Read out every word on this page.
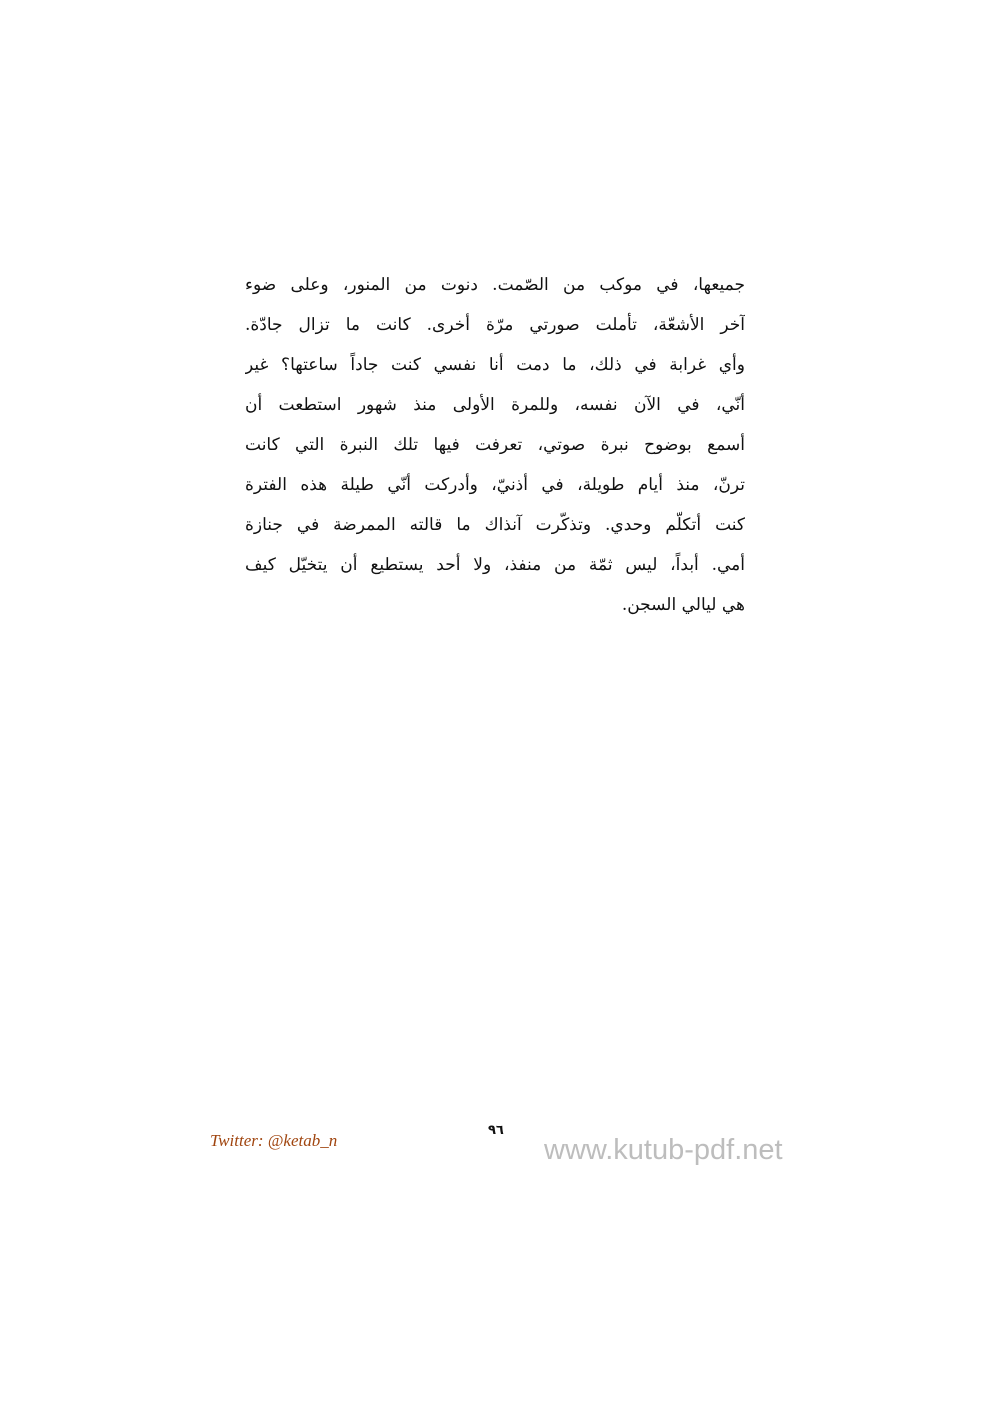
جميعها، في موكب من الصّمت. دنوت من المنور، وعلى ضوء
آخر الأشعّة، تأملت صورتي مرّة أخرى. كانت ما تزال جادّة.
وأي غرابة في ذلك، ما دمت أنا نفسي كنت جاداً ساعتها؟ غير
أنّي، في الآن نفسه، وللمرة الأولى منذ شهور استطعت أن
أسمع بوضوح نبرة صوتي، تعرفت فيها تلك النبرة التي كانت
ترنّ، منذ أيام طويلة، في أذنيّ، وأدركت أنّي طيلة هذه الفترة
كنت أتكلّم وحدي. وتذكّرت آنذاك ما قالته الممرضة في جنازة
أمي. أبداً، ليس ثمّة من منفذ، ولا أحد يستطيع أن يتخيّل كيف
هي ليالي السجن.
Twitter: @ketab_n
٩٦
www.kutub-pdf.net
